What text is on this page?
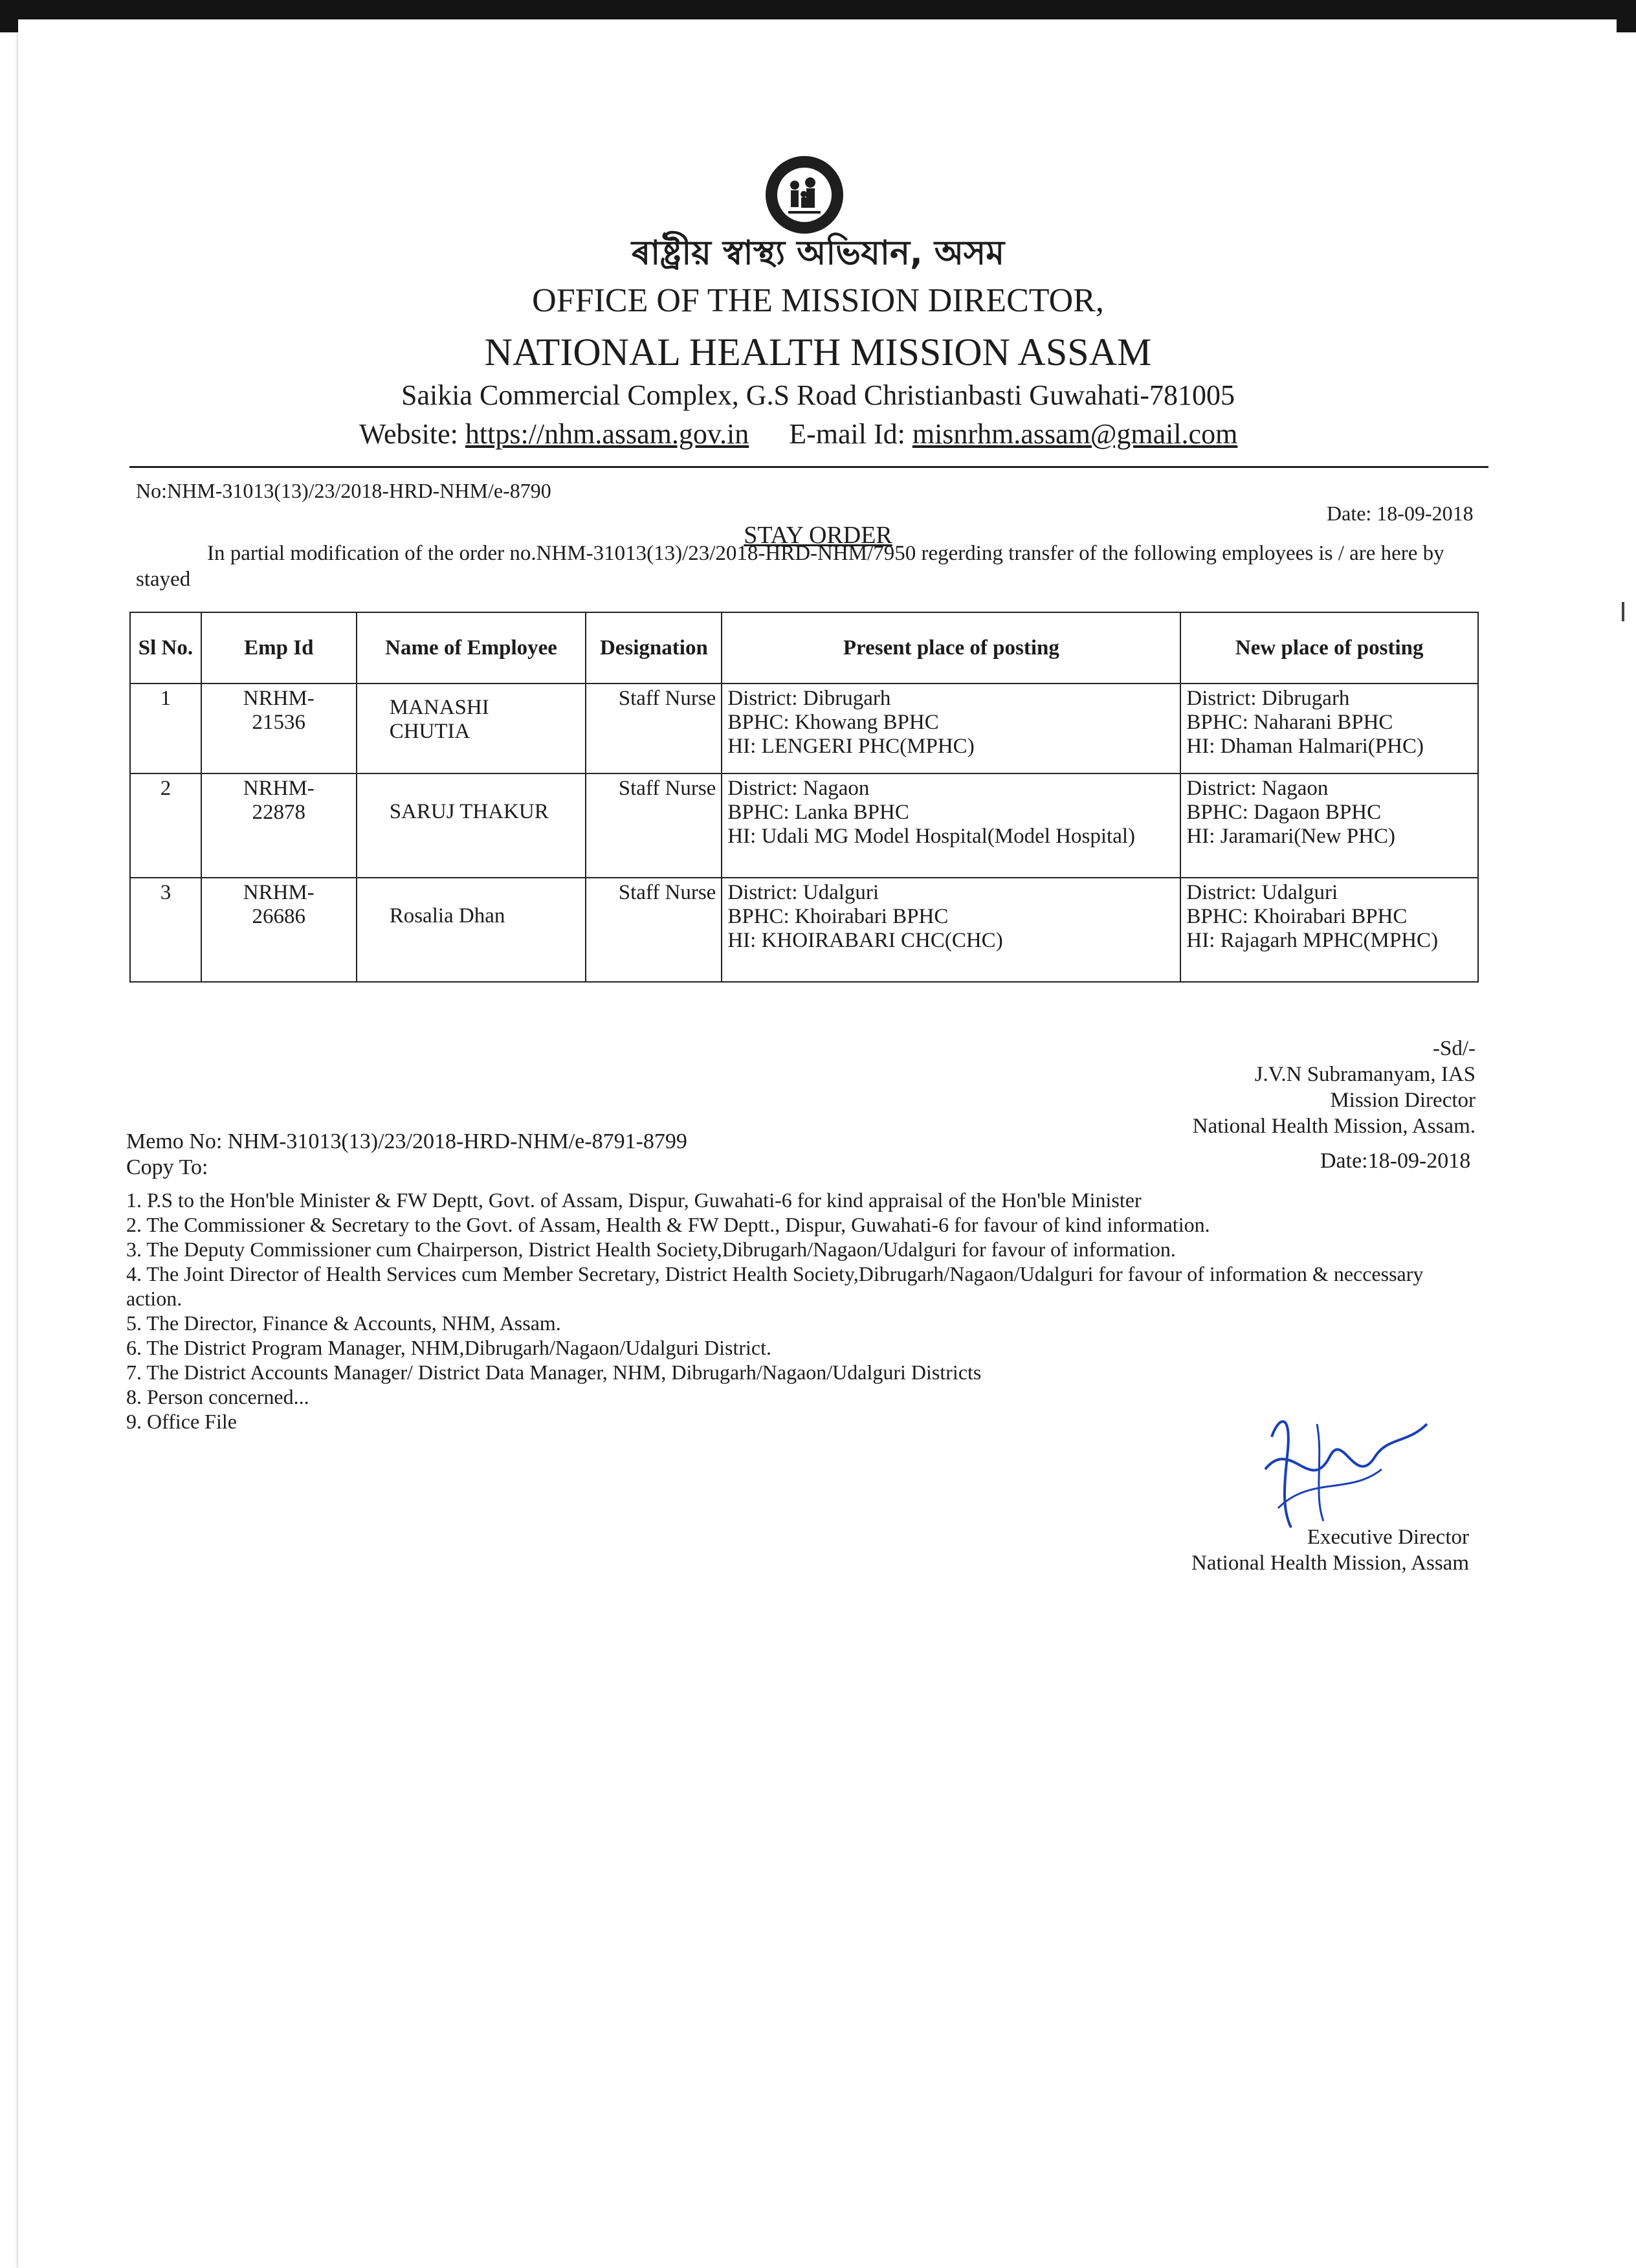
ৰাষ্ট্ৰীয় স্বাস্থ্য অভিযান, অসম
OFFICE OF THE MISSION DIRECTOR,
NATIONAL HEALTH MISSION ASSAM
Saikia Commercial Complex, G.S Road Christianbasti Guwahati-781005
Website: https://nhm.assam.gov.in E-mail Id: misnrhm.assam@gmail.com
No:NHM-31013(13)/23/2018-HRD-NHM/e-8790
Date: 18-09-2018
STAY ORDER
In partial modification of the order no.NHM-31013(13)/23/2018-HRD-NHM/7950 regerding transfer of the following employees is / are here by stayed
Sl No.	Emp Id	Name of Employee	Designation	Present place of posting	New place of posting
1	NRHM-
21536	MANASHI
CHUTIA	Staff Nurse	District: Dibrugarh
BPHC: Khowang BPHC
HI: LENGERI PHC(MPHC)	District: Dibrugarh
BPHC: Naharani BPHC
HI: Dhaman Halmari(PHC)

2	NRHM-
22878	SARUJ THAKUR	Staff Nurse	District: Nagaon
BPHC: Lanka BPHC
HI: Udali MG Model Hospital(Model Hospital)	District: Nagaon
BPHC: Dagaon BPHC
HI: Jaramari(New PHC)

3	NRHM-
26686	Rosalia Dhan	Staff Nurse	District: Udalguri
BPHC: Khoirabari BPHC
HI: KHOIRABARI CHC(CHC)	District: Udalguri
BPHC: Khoirabari BPHC
HI: Rajagarh MPHC(MPHC)
-Sd/-
J.V.N Subramanyam, IAS
Mission Director
National Health Mission, Assam.
Memo No: NHM-31013(13)/23/2018-HRD-NHM/e-8791-8799
Copy To:	Date:18-09-2018
1. P.S to the Hon'ble Minister & FW Deptt, Govt. of Assam, Dispur, Guwahati-6 for kind appraisal of the Hon'ble Minister
2. The Commissioner & Secretary to the Govt. of Assam, Health & FW Deptt., Dispur, Guwahati-6 for favour of kind information.
3. The Deputy Commissioner cum Chairperson, District Health Society,Dibrugarh/Nagaon/Udalguri for favour of information.
4. The Joint Director of Health Services cum Member Secretary, District Health Society,Dibrugarh/Nagaon/Udalguri for favour of information & neccessary action.
5. The Director, Finance & Accounts, NHM, Assam.
6. The District Program Manager, NHM,Dibrugarh/Nagaon/Udalguri District.
7. The District Accounts Manager/ District Data Manager, NHM, Dibrugarh/Nagaon/Udalguri Districts
8. Person concerned...
9. Office File
Executive Director
National Health Mission, Assam
